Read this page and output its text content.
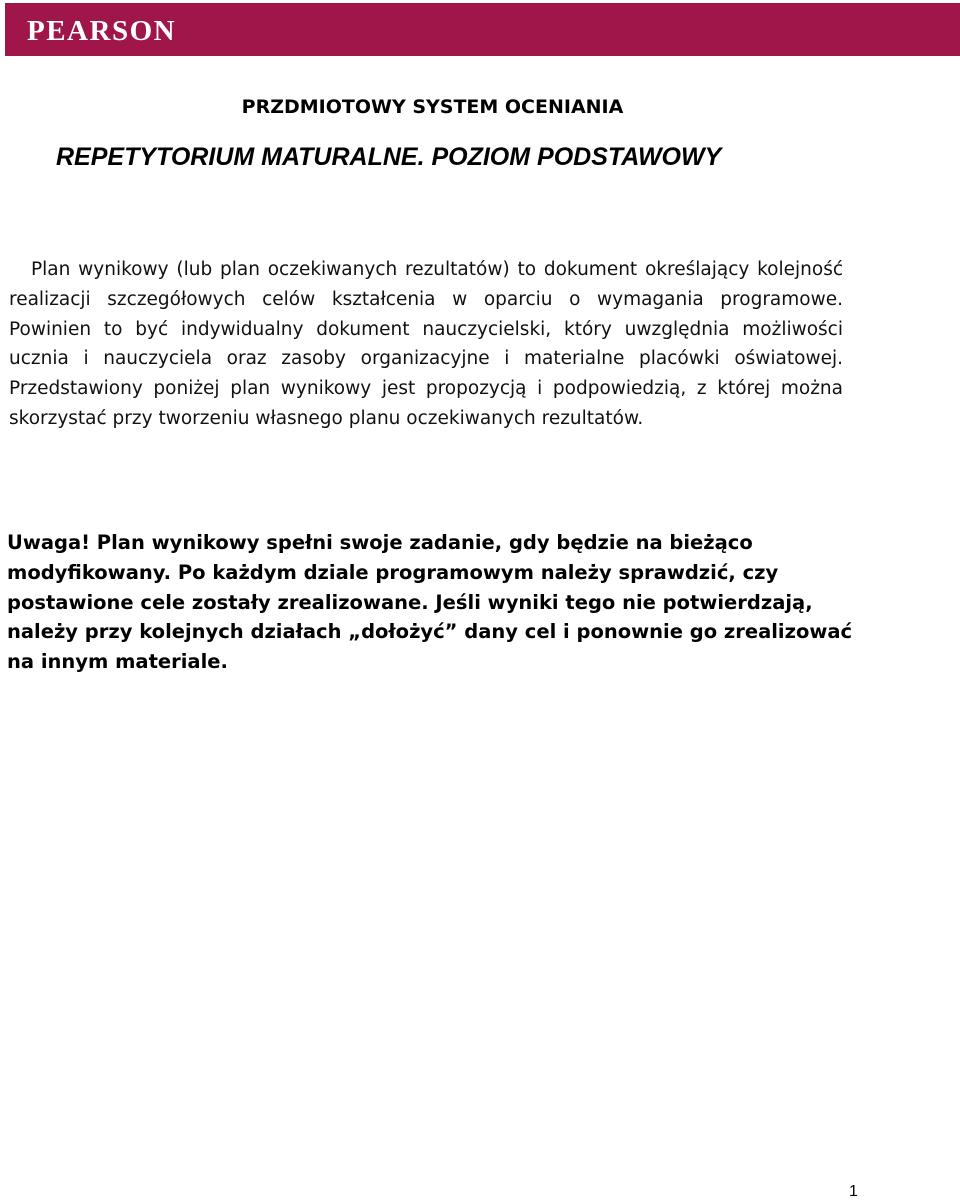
PEARSON
PRZDMIOTOWY SYSTEM OCENIANIA
REPETYTORIUM MATURALNE. POZIOM PODSTAWOWY

Plan wynikowy (lub plan oczekiwanych rezultatów) to dokument określający kolejność realizacji szczegółowych celów kształcenia w oparciu o wymagania programowe. Powinien to być indywidualny dokument nauczycielski, który uwzględnia możliwości ucznia i nauczyciela oraz zasoby organizacyjne i materialne placówki oświatowej. Przedstawiony poniżej plan wynikowy jest propozycją i podpowiedzią, z której można skorzystać przy tworzeniu własnego planu oczekiwanych rezultatów.

Uwaga! Plan wynikowy spełni swoje zadanie, gdy będzie na bieżąco modyfikowany. Po każdym dziale programowym należy sprawdzić, czy postawione cele zostały zrealizowane. Jeśli wyniki tego nie potwierdzają, należy przy kolejnych działach „dołożyć” dany cel i ponownie go zrealizować na innym materiale.

1
